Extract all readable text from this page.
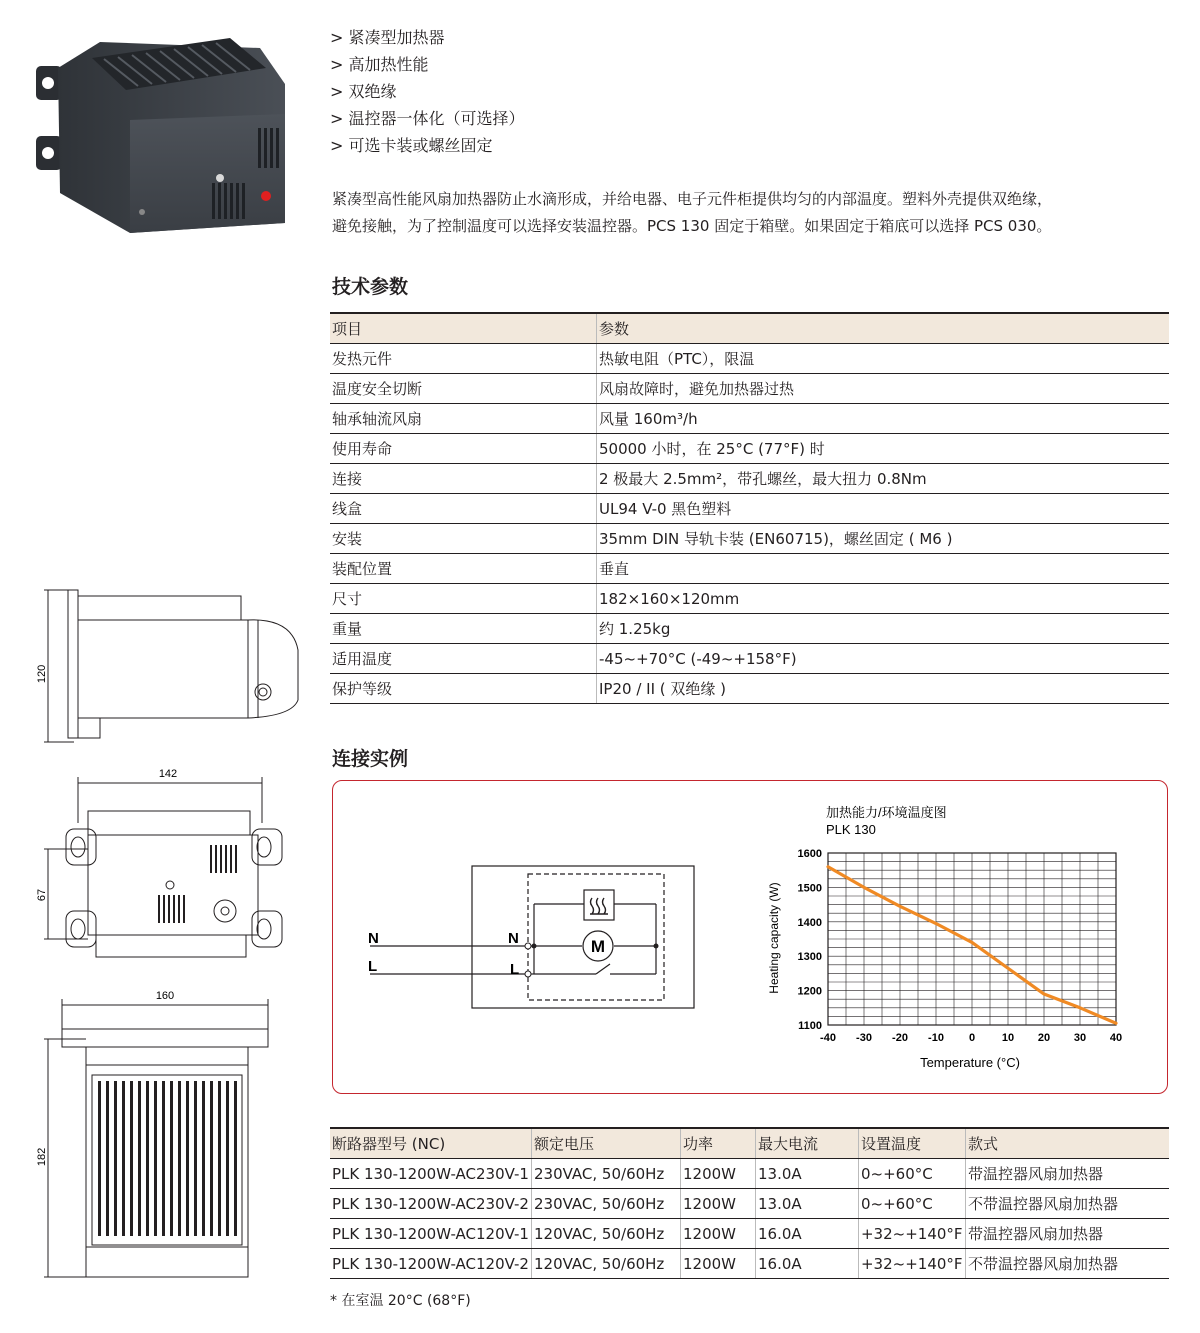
120
142
67
160
182
> 紧凑型加热器
> 高加热性能
> 双绝缘
> 温控器一体化（可选择）
> 可选卡装或螺丝固定
紧凑型高性能风扇加热器防止水滴形成，并给电器、电子元件柜提供均匀的内部温度。塑料外壳提供双绝缘，
避免接触，为了控制温度可以选择安装温控器。PCS 130 固定于箱壁。如果固定于箱底可以选择 PCS 030。
技术参数
项目	参数
发热元件	热敏电阻（PTC），限温
温度安全切断	风扇故障时，避免加热器过热
轴承轴流风扇	风量 160m³/h
使用寿命	50000 小时，在 25°C (77°F) 时
连接	2 极最大 2.5mm²，带孔螺丝，最大扭力 0.8Nm
线盒	UL94 V-0 黑色塑料
安装	35mm DIN 导轨卡装 (EN60715)，螺丝固定 ( M6 )
装配位置	垂直
尺寸	182×160×120mm
重量	约 1.25kg
适用温度	-45~+70°C (-49~+158°F)
保护等级	IP20 / II ( 双绝缘 )
连接实例
N
L
N
L
M
加热能力/环境温度图
PLK 130
Heating capacity (W)
Temperature (°C)
-40 -30 -20 -10 0 10 20 30 40
1100
1200
1300
1400
1500
1600
断路器型号 (NC)	额定电压	功率	最大电流	设置温度	款式
PLK 130-1200W-AC230V-1	230VAC, 50/60Hz	1200W	13.0A	0~+60°C	带温控器风扇加热器
PLK 130-1200W-AC230V-2	230VAC, 50/60Hz	1200W	13.0A	0~+60°C	不带温控器风扇加热器
PLK 130-1200W-AC120V-1	120VAC, 50/60Hz	1200W	16.0A	+32~+140°F	带温控器风扇加热器
PLK 130-1200W-AC120V-2	120VAC, 50/60Hz	1200W	16.0A	+32~+140°F	不带温控器风扇加热器
* 在室温 20°C (68°F)
